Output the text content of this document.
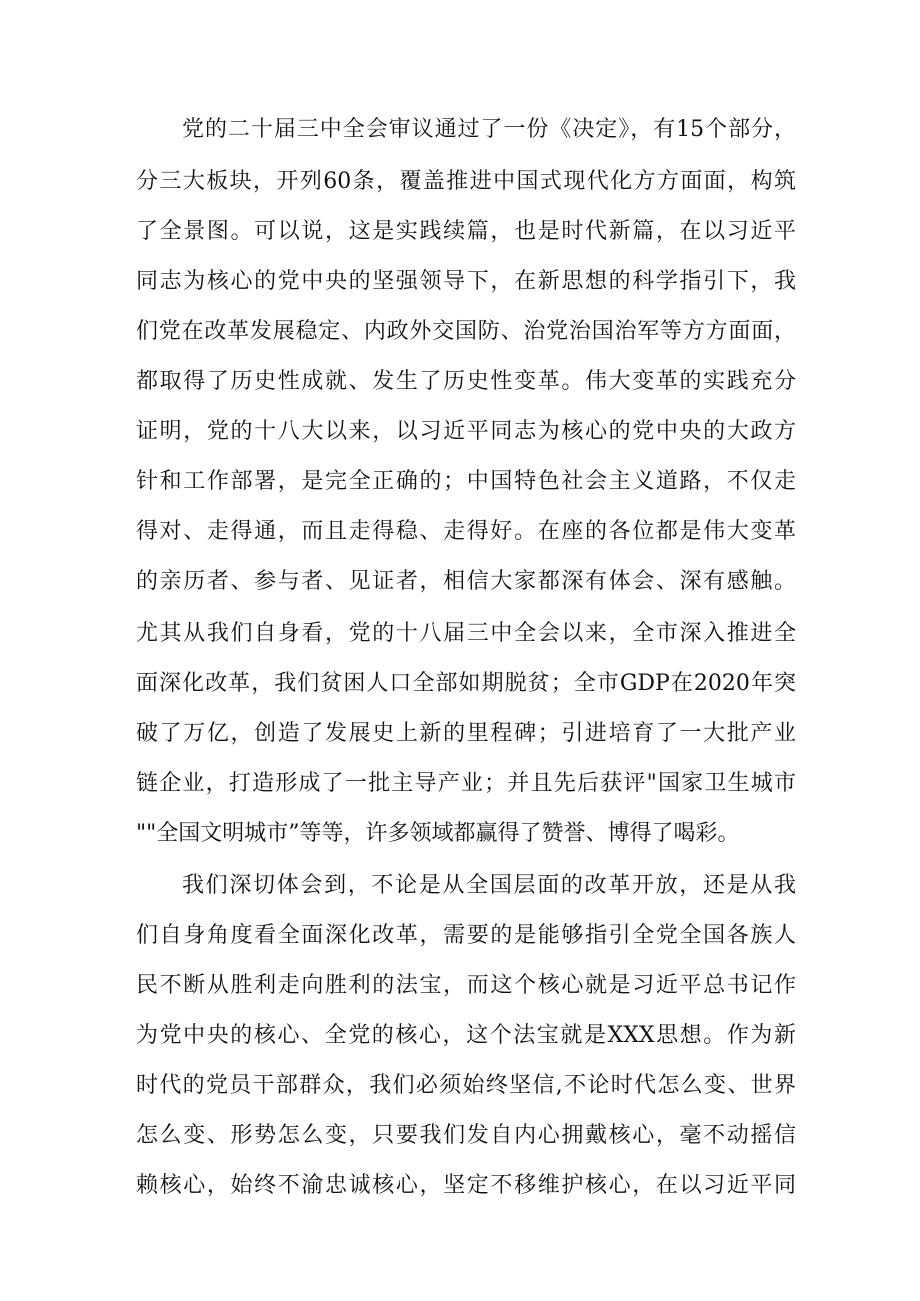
党的二十届三中全会审议通过了一份《决定》，有15个部分，
分三大板块，开列60条，覆盖推进中国式现代化方方面面，构筑
了全景图。可以说，这是实践续篇，也是时代新篇，在以习近平
同志为核心的党中央的坚强领导下，在新思想的科学指引下，我
们党在改革发展稳定、内政外交国防、治党治国治军等方方面面，
都取得了历史性成就、发生了历史性变革。伟大变革的实践充分
证明，党的十八大以来，以习近平同志为核心的党中央的大政方
针和工作部署，是完全正确的；中国特色社会主义道路，不仅走
得对、走得通，而且走得稳、走得好。在座的各位都是伟大变革
的亲历者、参与者、见证者，相信大家都深有体会、深有感触。
尤其从我们自身看，党的十八届三中全会以来，全市深入推进全
面深化改革，我们贫困人口全部如期脱贫；全市GDP在2020年突
破了万亿，创造了发展史上新的里程碑；引进培育了一大批产业
链企业，打造形成了一批主导产业；并且先后获评"国家卫生城市
""全国文明城市”等等，许多领域都赢得了赞誉、博得了喝彩。
我们深切体会到，不论是从全国层面的改革开放，还是从我
们自身角度看全面深化改革，需要的是能够指引全党全国各族人
民不断从胜利走向胜利的法宝，而这个核心就是习近平总书记作
为党中央的核心、全党的核心，这个法宝就是XXX思想。作为新
时代的党员干部群众，我们必须始终坚信,不论时代怎么变、世界
怎么变、形势怎么变，只要我们发自内心拥戴核心，毫不动摇信
赖核心，始终不渝忠诚核心，坚定不移维护核心，在以习近平同
